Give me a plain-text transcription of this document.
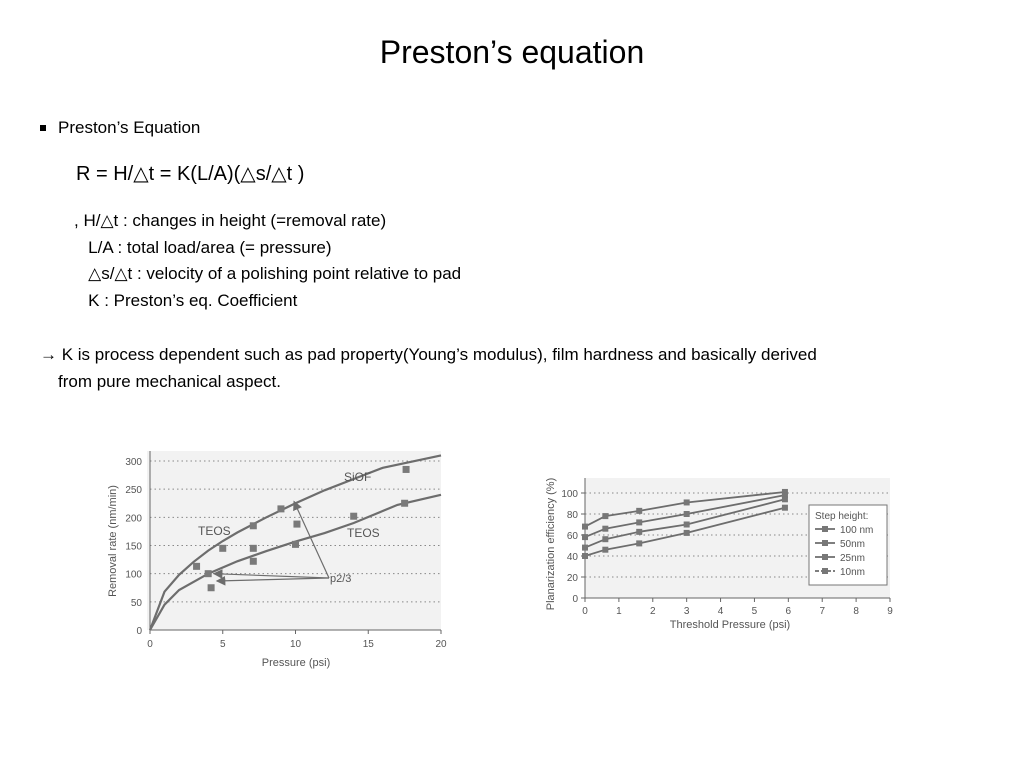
Preston’s equation
Preston’s Equation
R = H/△t = K(L/A)(△s/△t )
, H/△t : changes in height (=removal rate)
L/A : total load/area (= pressure)
△s/△t : velocity of a polishing point relative to pad
K : Preston’s eq. Coefficient
→ K is process dependent such as pad property(Young’s modulus), film hardness and basically derived
from pure mechanical aspect.
0
50
100
150
200
250
300
0	5	10	15	20
SiOF
TEOS	TEOS
p2/3
Pressure (psi)
Removal rate (nm/min)
0
20
40
60
80
100
0	1	2	3	4	5	6	7	8	9
Step height:
100 nm
50nm
25nm
10nm
Threshold Pressure (psi)
Planarization efficiency (%)
